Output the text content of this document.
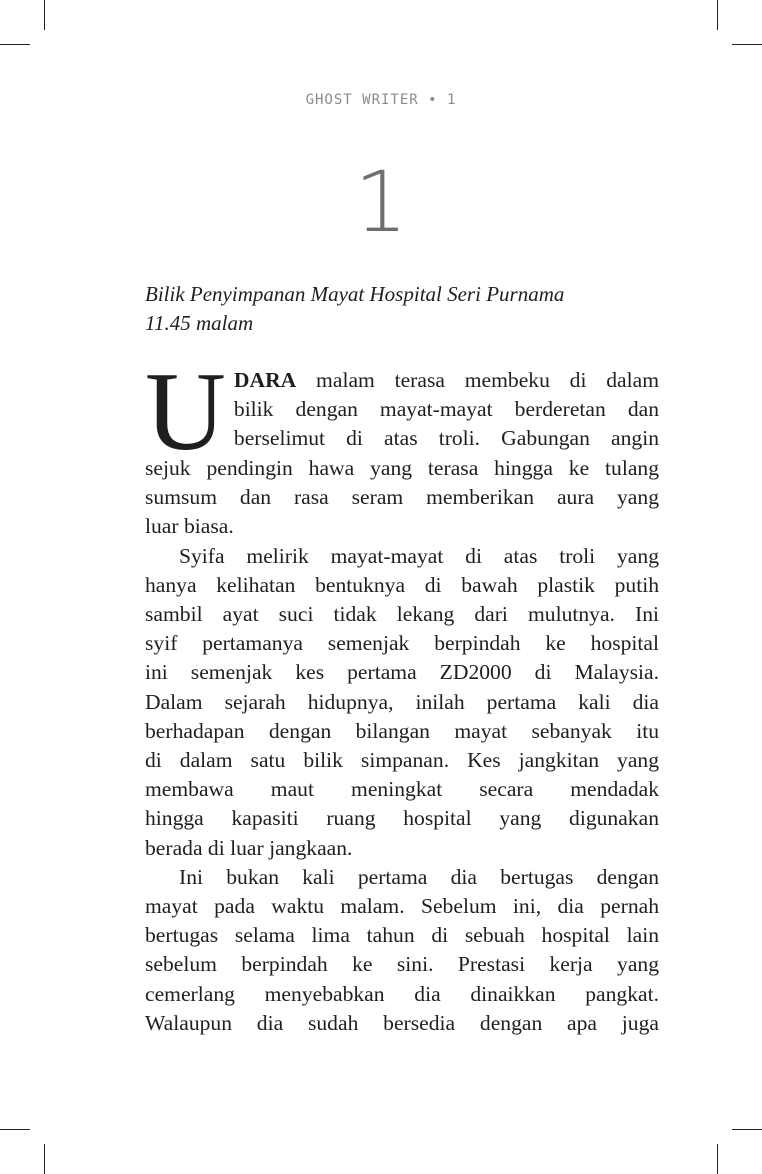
GHOST WRITER • 1
1
Bilik Penyimpanan Mayat Hospital Seri Purnama
11.45 malam
U DARA malam terasa membeku di dalam
bilik dengan mayat-mayat berderetan dan
berselimut di atas troli. Gabungan angin
sejuk pendingin hawa yang terasa hingga ke tulang
sumsum dan rasa seram memberikan aura yang
luar biasa.
Syifa melirik mayat-mayat di atas troli yang
hanya kelihatan bentuknya di bawah plastik putih
sambil ayat suci tidak lekang dari mulutnya. Ini
syif pertamanya semenjak berpindah ke hospital
ini semenjak kes pertama ZD2000 di Malaysia.
Dalam sejarah hidupnya, inilah pertama kali dia
berhadapan dengan bilangan mayat sebanyak itu
di dalam satu bilik simpanan. Kes jangkitan yang
membawa maut meningkat secara mendadak
hingga kapasiti ruang hospital yang digunakan
berada di luar jangkaan.
Ini bukan kali pertama dia bertugas dengan
mayat pada waktu malam. Sebelum ini, dia pernah
bertugas selama lima tahun di sebuah hospital lain
sebelum berpindah ke sini. Prestasi kerja yang
cemerlang menyebabkan dia dinaikkan pangkat.
Walaupun dia sudah bersedia dengan apa juga
